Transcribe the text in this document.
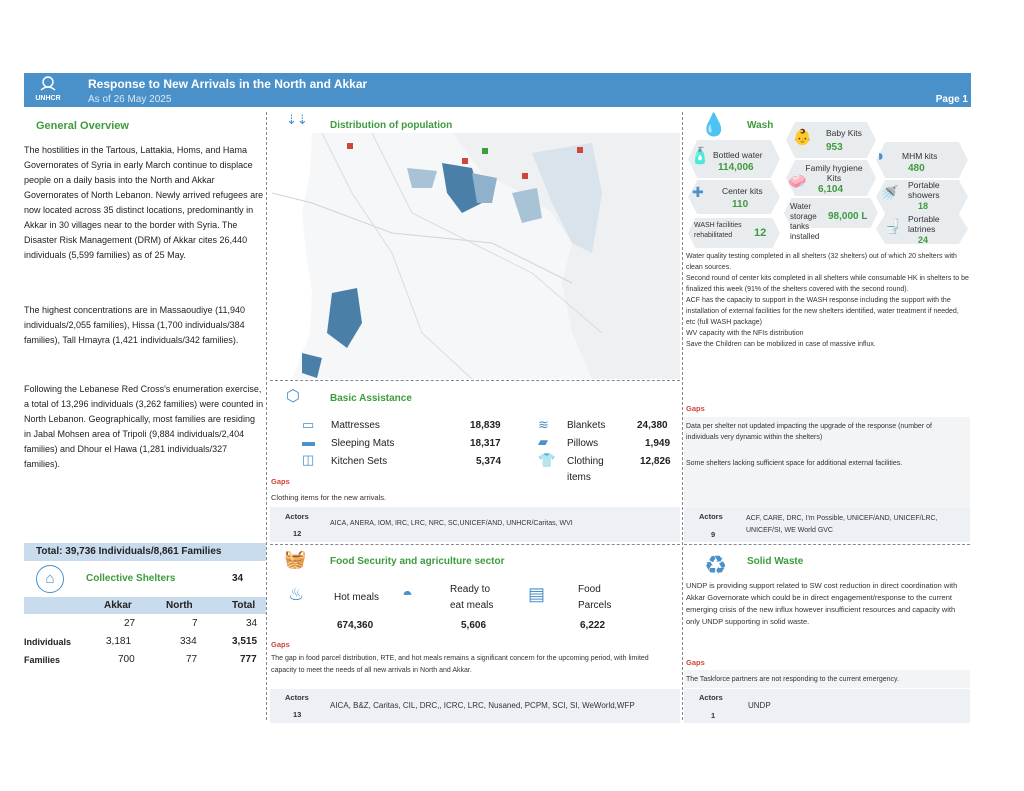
UNHCR
Response to New Arrivals in the North and Akkar
As of 26 May 2025	Page 1
General Overview
The hostilities in the Tartous, Lattakia, Homs, and Hama Governorates of Syria in early March continue to displace people on a daily basis into the North and Akkar Governorates of North Lebanon. Newly arrived refugees are now located across 35 distinct locations, predominantly in Akkar in 30 villages near to the border with Syria. The Disaster Risk Management (DRM) of Akkar cites 26,440 individuals (5,599 families) as of 25 May.
The highest concentrations are in Massaoudiye (11,940 individuals/2,055 families), Hissa (1,700 individuals/384 families), Tall Hmayra (1,421 individuals/342 families).
Following the Lebanese Red Cross's enumeration exercise, a total of 13,296 individuals (3,262 families) were counted in North Lebanon. Geographically, most families are residing in Jabal Mohsen area of Tripoli (9,884 individuals/2,404 families) and Dhour el Hawa (1,281 individuals/327 families).
Total: 39,736 Individuals/8,861 Families
⌂	Collective Shelters	34
Akkar	North	Total
27	7	34
Individuals	3,181	334	3,515
Families	700	77	777
⇣⇣ Distribution of population
⬡	Basic Assistance
▭ Mattresses	18,839
▬ Sleeping Mats	18,317
◫ Kitchen Sets	5,374
≋ Blankets	24,380
▰ Pillows	1,949
👕 Clothing items
12,826
Gaps
Clothing items for the new arrivals.
Actors
12
AICA, ANERA, IOM, IRC, LRC, NRC, SC,UNICEF/AND, UNHCR/Caritas, WVI
🧺 Food Security and agriculture sector
♨	Hot meals
674,360
◓	Ready to eat meals
5,606
▤	Food Parcels
6,222
Gaps
The gap in food parcel distribution, RTE, and hot meals remains a significant concern for the upcoming period, with limited capacity to meet the needs of all new arrivals in North and Akkar.
Actors
13
AICA, B&Z, Caritas, CIL, DRC,, ICRC, LRC, Nusaned, PCPM, SCI, SI, WeWorld,WFP
💧 Wash
🧴 Bottled water
114,006
👶 Baby Kits
953
◗ MHM kits
480
🧼
Family hygiene Kits
6,104
✚ Center kits
110
🚿 Portable showers
18
Water storage tanks installed
98,000 L
🚽 Portable latrines
24
WASH facilities rehabilitated	12
Water quality testing completed in all shelters (32 shelters) out of which 20 shelters with clean sources.
Second round of center kits completed in all shelters while consumable HK in shelters to be finalized this week (91% of the shelters covered with the second round).
ACF has the capacity to support in the WASH response including the support with the installation of external facilities for the new shelters identified, water treatment if needed, etc (full WASH package)
WV capacity with the NFIs distribution
Save the Children can be mobilized in case of massive influx.
Gaps
Data per shelter not updated impacting the upgrade of the response (number of individuals very dynamic within the shelters)
Some shelters lacking sufficient space for additional external facilities.
Actors
9
ACF, CARE, DRC, I'm Possible, UNICEF/AND, UNICEF/LRC, UNICEF/SI, WE World GVC
♻ Solid Waste
UNDP is providing support related to SW cost reduction in direct coordination with Akkar Governorate which could be in direct engagement/response to the current emerging crisis of the new influx however insufficient resources and capacity with only UNDP supporting in solid waste.
Gaps
The Taskforce partners are not responding to the current emergency.
Actors
1
UNDP
